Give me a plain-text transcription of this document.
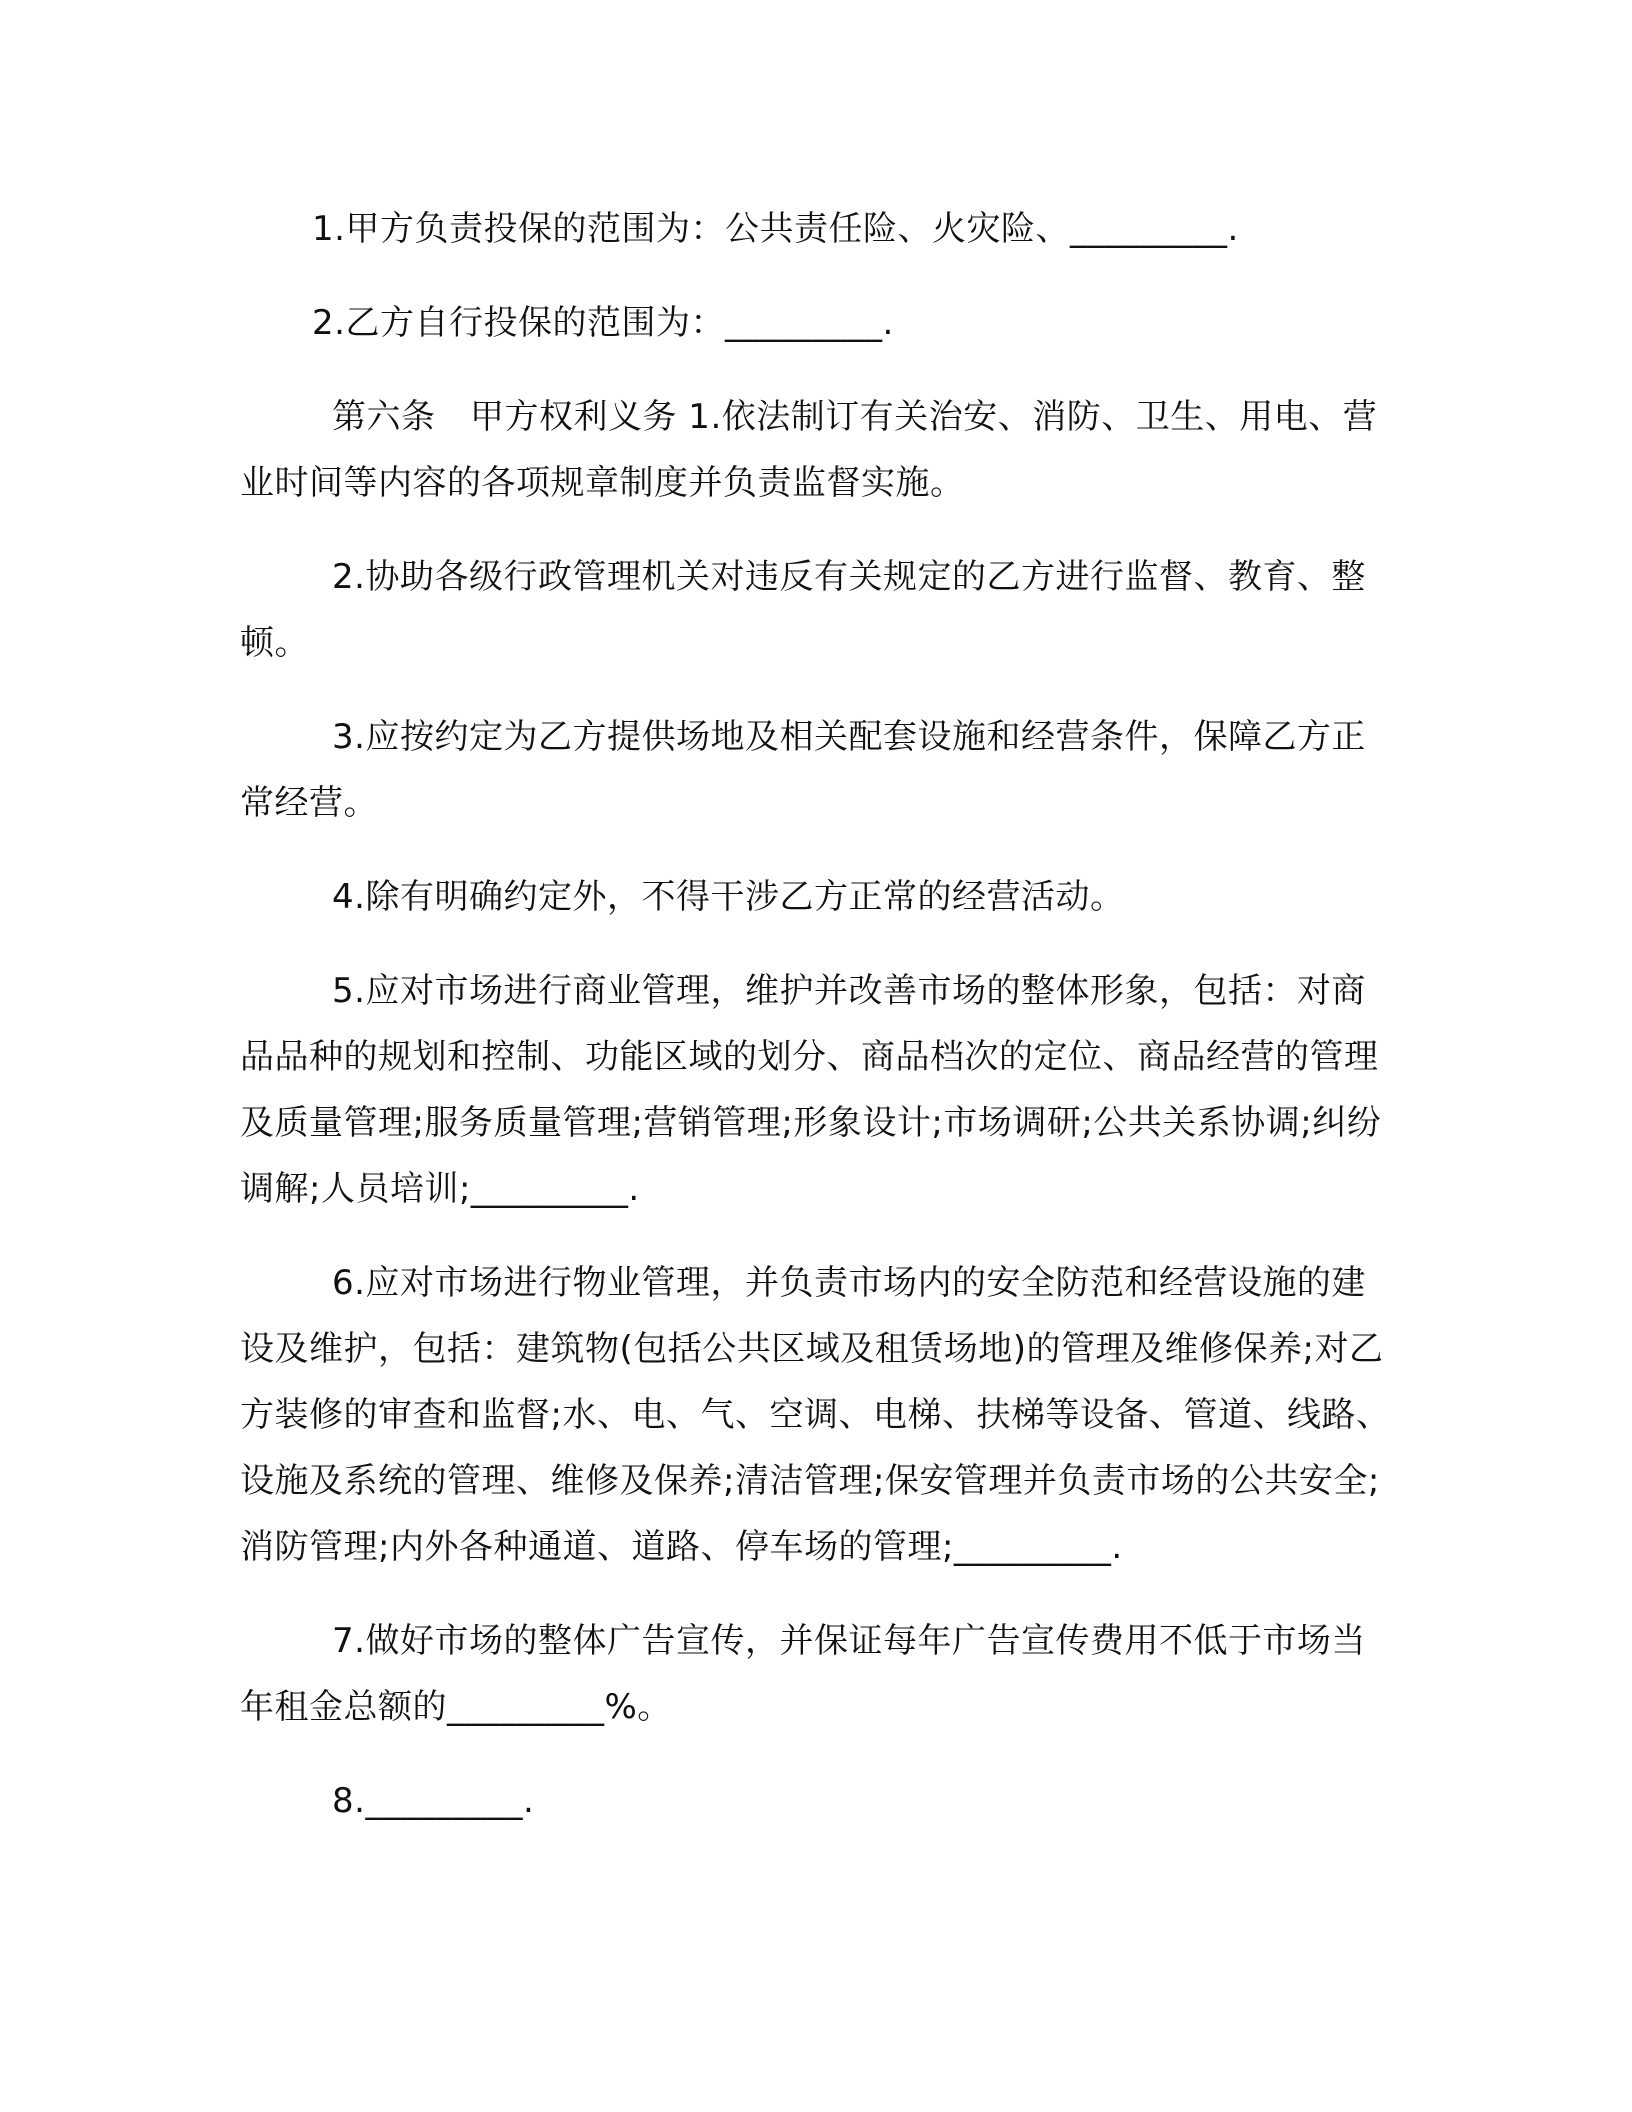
1.甲方负责投保的范围为：公共责任险、火灾险、_________.

2.乙方自行投保的范围为：_________.

第六条　甲方权利义务 1.依法制订有关治安、消防、卫生、用电、营业时间等内容的各项规章制度并负责监督实施。

2.协助各级行政管理机关对违反有关规定的乙方进行监督、教育、整顿。

3.应按约定为乙方提供场地及相关配套设施和经营条件，保障乙方正常经营。

4.除有明确约定外，不得干涉乙方正常的经营活动。

5.应对市场进行商业管理，维护并改善市场的整体形象，包括：对商品品种的规划和控制、功能区域的划分、商品档次的定位、商品经营的管理及质量管理;服务质量管理;营销管理;形象设计;市场调研;公共关系协调;纠纷调解;人员培训;_________.

6.应对市场进行物业管理，并负责市场内的安全防范和经营设施的建设及维护，包括：建筑物(包括公共区域及租赁场地)的管理及维修保养;对乙方装修的审查和监督;水、电、气、空调、电梯、扶梯等设备、管道、线路、设施及系统的管理、维修及保养;清洁管理;保安管理并负责市场的公共安全;消防管理;内外各种通道、道路、停车场的管理;_________.

7.做好市场的整体广告宣传，并保证每年广告宣传费用不低于市场当年租金总额的_________%。

8._________.
